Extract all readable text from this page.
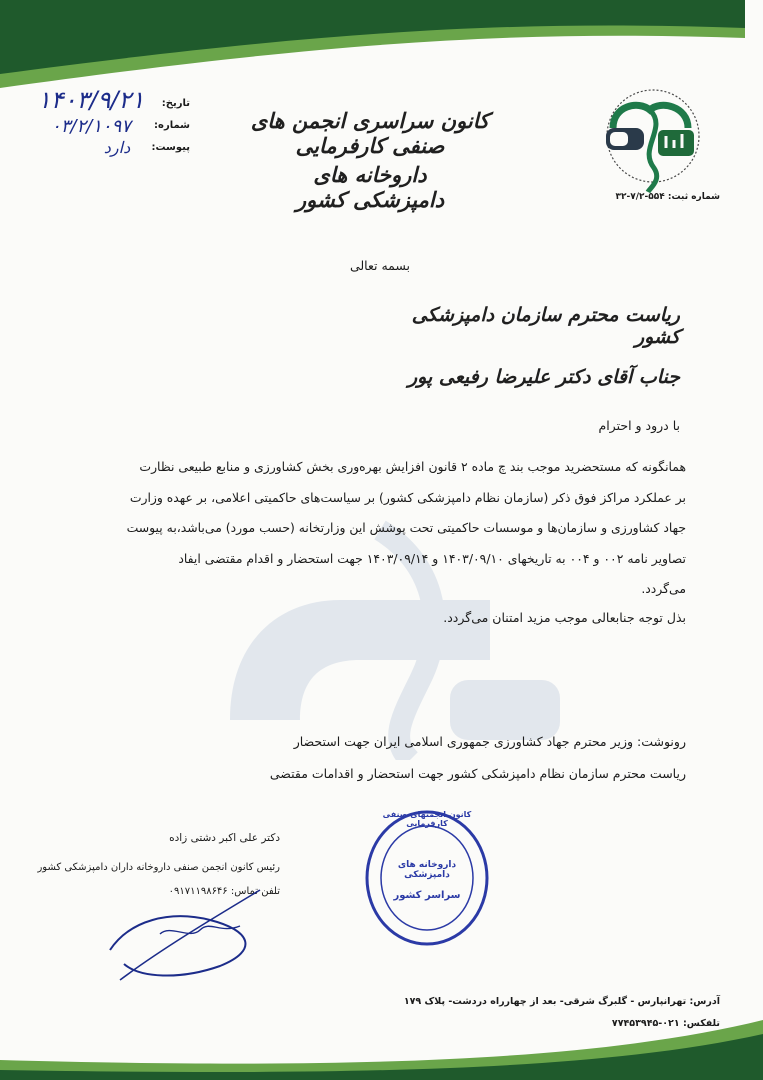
شماره ثبت: ۵۵۴-۷/۲-۳۲
کانون سراسری انجمن های صنفی کارفرمایی
داروخانه های دامپزشکی کشور
تاریخ:
شماره:
پیوست:
۱۴۰۳/۹/۲۱
۰۳/۲/۱۰۹۷
دارد
بسمه تعالی
ریاست محترم سازمان دامپزشکی کشور
جناب آقای دکتر علیرضا رفیعی پور
با درود و احترام
همانگونه که مستحضرید موجب بند چ ماده ۲ قانون افزایش بهره‌وری بخش کشاورزی و منابع طبیعی نظارت
بر عملکرد مراکز فوق ذکر (سازمان نظام دامپزشکی کشور) بر سیاست‌های حاکمیتی اعلامی، بر عهده وزارت
جهاد کشاورزی و سازمان‌ها و موسسات حاکمیتی تحت پوشش این وزارتخانه (حسب مورد) می‌باشد،به پیوست
تصاویر نامه ۰۰۲ و ۰۰۴ به تاریخهای ۱۴۰۳/۰۹/۱۰ و ۱۴۰۳/۰۹/۱۴ جهت استحضار و اقدام مقتضی ایفاد
می‌گردد.
بذل توجه جنابعالی موجب مزید امتنان می‌گردد.
رونوشت: وزیر محترم جهاد کشاورزی جمهوری اسلامی ایران جهت استحضار
ریاست محترم سازمان نظام دامپزشکی کشور جهت استحضار و اقدامات مقتضی
دکتر علی اکبر دشتی زاده
رئیس کانون انجمن صنفی داروخانه داران دامپزشکی کشور
تلفن تماس: ۰۹۱۷۱۱۹۸۶۴۶
کانون انجمنهای صنفی کارفرمایی
داروخانه های دامپزشکی
سراسر کشور
آدرس: تهرانپارس - گلبرگ شرقی- بعد از چهارراه دردشت- پلاک ۱۷۹
تلفکس: ۰۲۱-۷۷۴۵۳۹۴۵
